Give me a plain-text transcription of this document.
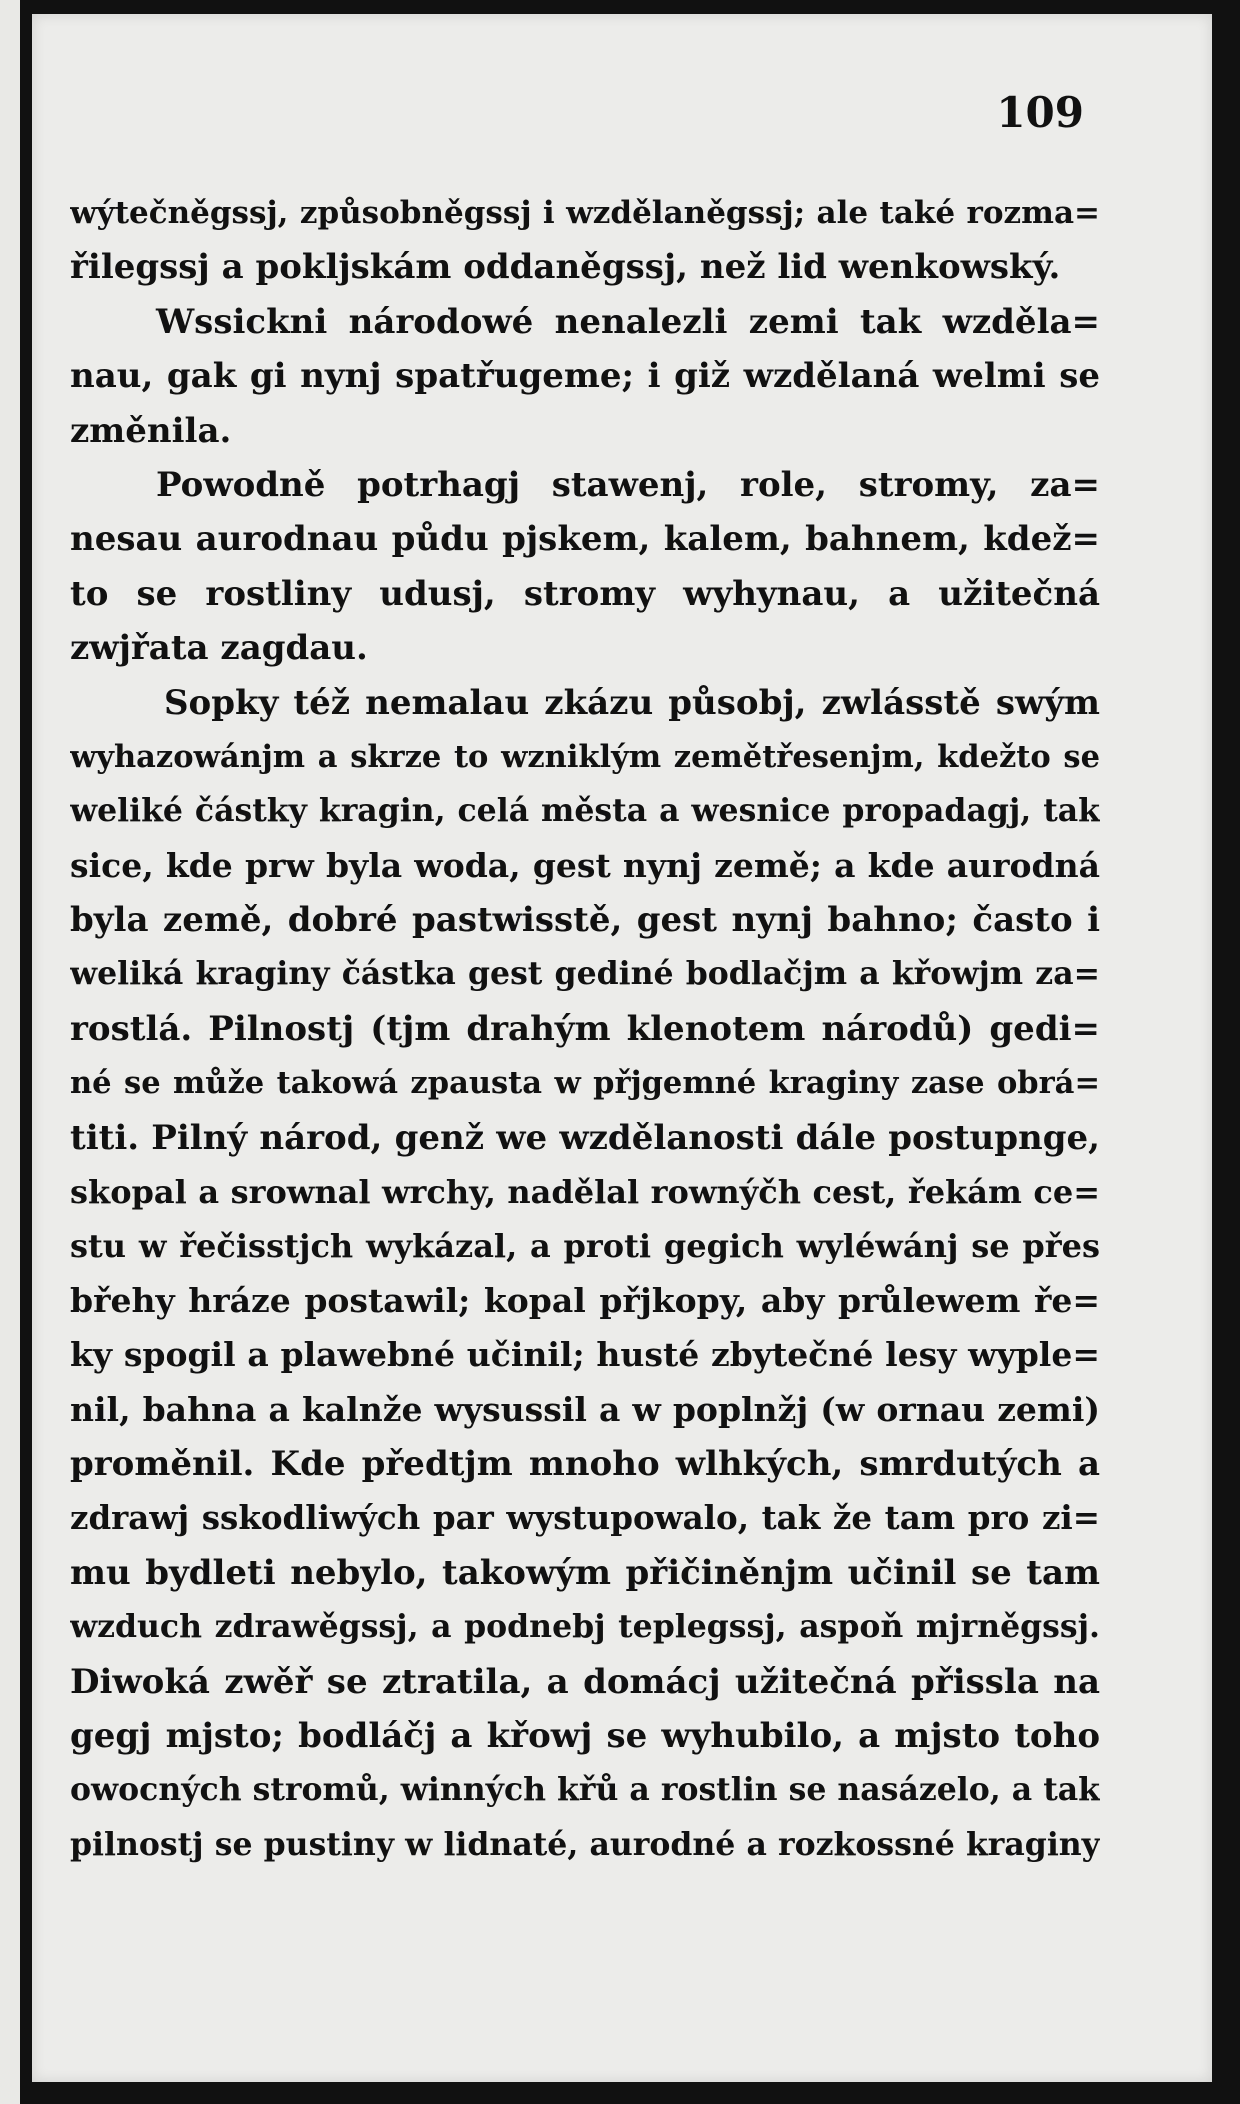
109
wýtečněgssj, způsobněgssj i wzdělaněgssj; ale také rozma=
řilegssj a pokljskám oddaněgssj, než lid wenkowský.
Wssickni národowé nenalezli zemi tak wzděla=
nau, gak gi nynj spatřugeme; i giž wzdělaná welmi se
změnila.
Powodně potrhagj stawenj, role, stromy, za=
nesau aurodnau půdu pjskem, kalem, bahnem, kdež=
to se rostliny udusj, stromy wyhynau, a užitečná
zwjřata zagdau.
Sopky též nemalau zkázu působj, zwlásstě swým
wyhazowánjm a skrze to wzniklým zemětřesenjm, kdežto se
weliké částky kragin, celá města a wesnice propadagj, tak
sice, kde prw byla woda, gest nynj země; a kde aurodná
byla země, dobré pastwisstě, gest nynj bahno; často i
weliká kraginy částka gest gediné bodlačjm a křowjm za=
rostlá. Pilnostj (tjm drahým klenotem národů) gedi=
né se může takowá zpausta w přjgemné kraginy zase obrá=
titi. Pilný národ, genž we wzdělanosti dále postupnge,
skopal a srownal wrchy, nadělal rownýčh cest, řekám ce=
stu w řečisstjch wykázal, a proti gegich wyléwánj se přes
břehy hráze postawil; kopal přjkopy, aby průlewem ře=
ky spogil a plawebné učinil; husté zbytečné lesy wyple=
nil, bahna a kalnže wysussil a w poplnžj (w ornau zemi)
proměnil. Kde předtjm mnoho wlhkých, smrdutých a
zdrawj sskodliwých par wystupowalo, tak že tam pro zi=
mu bydleti nebylo, takowým přičiněnjm učinil se tam
wzduch zdrawěgssj, a podnebj teplegssj, aspoň mjrněgssj.
Diwoká zwěř se ztratila, a domácj užitečná přissla na
gegj mjsto; bodláčj a křowj se wyhubilo, a mjsto toho
owocných stromů, winných křů a rostlin se nasázelo, a tak
pilnostj se pustiny w lidnaté, aurodné a rozkossné kraginy
